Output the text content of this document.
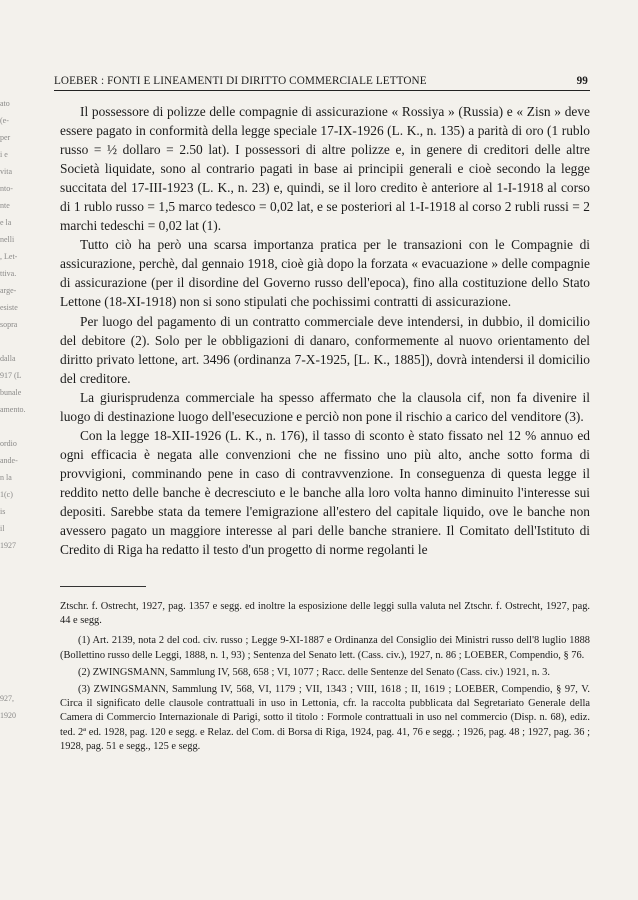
ato
(e-
per
i e
vita
nto-
nte
e la
nelli
, Let-
ttiva.
arge-
esiste
sopra

dalla
917 (L
bunale
amento.

ordio
ande-
n la
1(c)
is
il
1927

927,
1920
LOEBER : FONTI E LINEAMENTI DI DIRITTO COMMERCIALE LETTONE	99

Il possessore di polizze delle compagnie di assicurazione « Rossiya » (Russia) e « Zisn » deve essere pagato in conformità della legge speciale 17-IX-1926 (L. K., n. 135) a parità di oro (1 rublo russo = ½ dollaro = 2.50 lat). I possessori di altre polizze e, in genere di creditori delle altre Società liquidate, sono al contrario pagati in base ai principii generali e cioè secondo la legge succitata del 17-III-1923 (L. K., n. 23) e, quindi, se il loro credito è anteriore al 1-I-1918 al corso di 1 rublo russo = 1,5 marco tedesco = 0,02 lat, e se posteriori al 1-I-1918 al corso 2 rubli russi = 2 marchi tedeschi = 0,02 lat (1).

Tutto ciò ha però una scarsa importanza pratica per le transazioni con le Compagnie di assicurazione, perchè, dal gennaio 1918, cioè già dopo la forzata « evacuazione » delle compagnie di assicurazione (per il disordine del Governo russo dell'epoca), fino alla costituzione dello Stato Lettone (18-XI-1918) non si sono stipulati che pochissimi contratti di assicurazione.

Per luogo del pagamento di un contratto commerciale deve intendersi, in dubbio, il domicilio del debitore (2). Solo per le obbligazioni di danaro, conformemente al nuovo orientamento del diritto privato lettone, art. 3496 (ordinanza 7-X-1925, [L. K., 1885]), dovrà intendersi il domicilio del creditore.

La giurisprudenza commerciale ha spesso affermato che la clausola cif, non fa divenire il luogo di destinazione luogo dell'esecuzione e perciò non pone il rischio a carico del venditore (3).

Con la legge 18-XII-1926 (L. K., n. 176), il tasso di sconto è stato fissato nel 12 % annuo ed ogni efficacia è negata alle convenzioni che ne fissino uno più alto, anche sotto forma di provvigioni, comminando pene in caso di contravvenzione. In conseguenza di questa legge il reddito netto delle banche è decresciuto e le banche alla loro volta hanno diminuito l'interesse sui depositi. Sarebbe stata da temere l'emigrazione all'estero del capitale liquido, ove le banche non avessero pagato un maggiore interesse al pari delle banche straniere. Il Comitato dell'Istituto di Credito di Riga ha redatto il testo d'un progetto di norme regolanti le

Ztschr. f. Ostrecht, 1927, pag. 1357 e segg. ed inoltre la esposizione delle leggi sulla valuta nel Ztschr. f. Ostrecht, 1927, pag. 44 e segg.

(1) Art. 2139, nota 2 del cod. civ. russo ; Legge 9-XI-1887 e Ordinanza del Consiglio dei Ministri russo dell'8 luglio 1888 (Bollettino russo delle Leggi, 1888, n. 1, 93) ; Sentenza del Senato lett. (Cass. civ.), 1927, n. 86 ; LOEBER, Compendio, § 76.

(2) ZWINGSMANN, Sammlung IV, 568, 658 ; VI, 1077 ; Racc. delle Sentenze del Senato (Cass. civ.) 1921, n. 3.

(3) ZWINGSMANN, Sammlung IV, 568, VI, 1179 ; VII, 1343 ; VIII, 1618 ; II, 1619 ; LOEBER, Compendio, § 97, V. Circa il significato delle clausole contrattuali in uso in Lettonia, cfr. la raccolta pubblicata dal Segretariato Generale della Camera di Commercio Internazionale di Parigi, sotto il titolo : Formole contrattuali in uso nel commercio (Disp. n. 68), ediz. ted. 2ª ed. 1928, pag. 120 e segg. e Relaz. del Com. di Borsa di Riga, 1924, pag. 41, 76 e segg. ; 1926, pag. 48 ; 1927, pag. 36 ; 1928, pag. 51 e segg., 125 e segg.
